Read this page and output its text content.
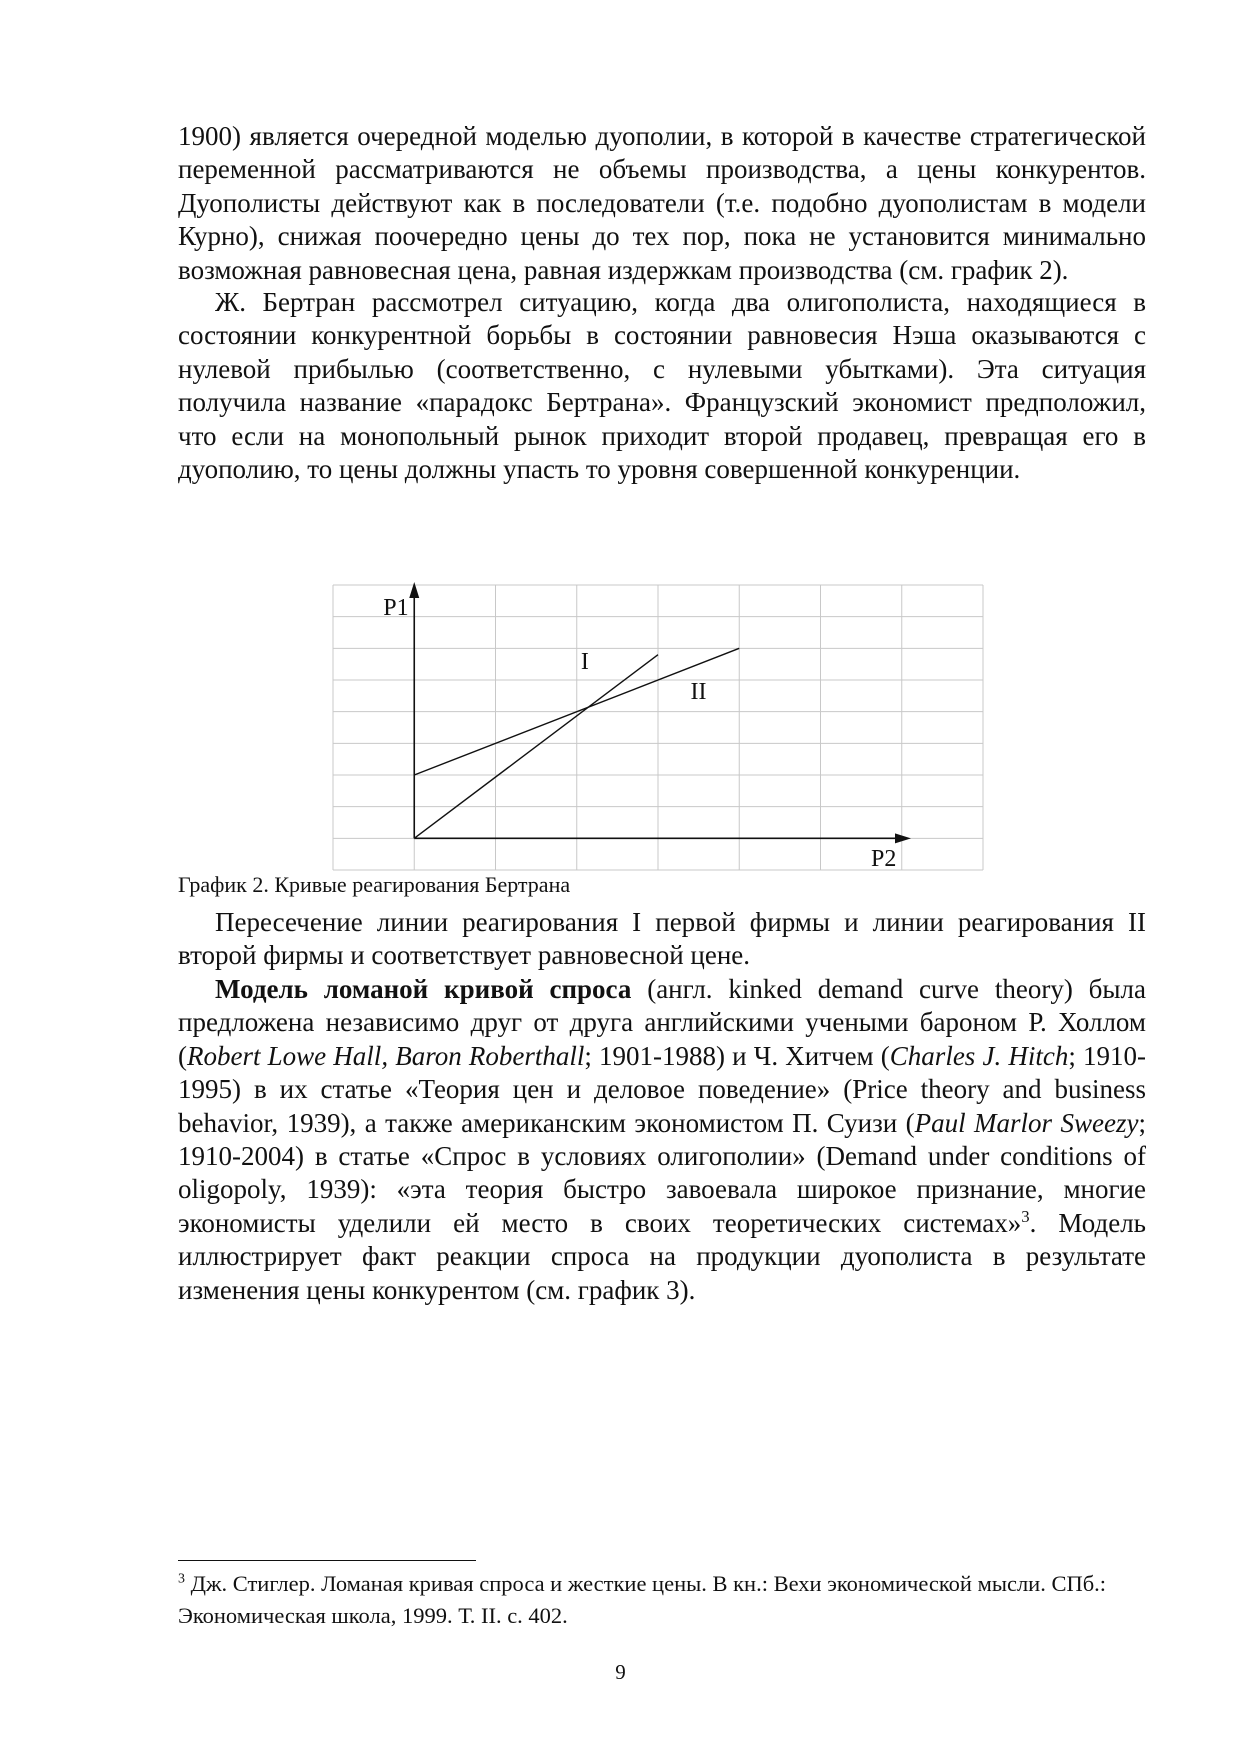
1900) является очередной моделью дуополии, в которой в качестве стратегической переменной рассматриваются не объемы производства, а цены конкурентов. Дуополисты действуют как в последователи (т.е. подобно дуополистам в модели Курно), снижая поочередно цены до тех пор, пока не установится минимально возможная равновесная цена, равная издержкам производства (см. график 2).

Ж. Бертран рассмотрел ситуацию, когда два олигополиста, находящиеся в состоянии конкурентной борьбы в состоянии равновесия Нэша оказываются с нулевой прибылью (соответственно, с нулевыми убытками). Эта ситуация получила название «парадокс Бертрана». Французский экономист предположил, что если на монопольный рынок приходит второй продавец, превращая его в дуополию, то цены должны упасть то уровня совершенной конкуренции.

I
II
P1
P2

График 2. Кривые реагирования Бертрана

Пересечение линии реагирования I первой фирмы и линии реагирования II второй фирмы и соответствует равновесной цене.

Модель ломаной кривой спроса (англ. kinked demand curve theory) была предложена независимо друг от друга английскими учеными бароном Р. Холлом (Robert Lowe Hall, Baron Roberthall; 1901-1988) и Ч. Хитчем (Charles J. Hitch; 1910-1995) в их статье «Теория цен и деловое поведение» (Price theory and business behavior, 1939), а также американским экономистом П. Суизи (Paul Marlor Sweezy; 1910-2004) в статье «Спрос в условиях олигополии» (Demand under conditions of oligopoly, 1939): «эта теория быстро завоевала широкое признание, многие экономисты уделили ей место в своих теоретических системах»$^3$. Модель иллюстрирует факт реакции спроса на продукции дуополиста в результате изменения цены конкурентом (см. график 3).

$^3$ Дж. Стиглер. Ломаная кривая спроса и жесткие цены. В кн.: Вехи экономической мысли. СПб.: Экономическая школа, 1999. Т. II. с. 402.

9
